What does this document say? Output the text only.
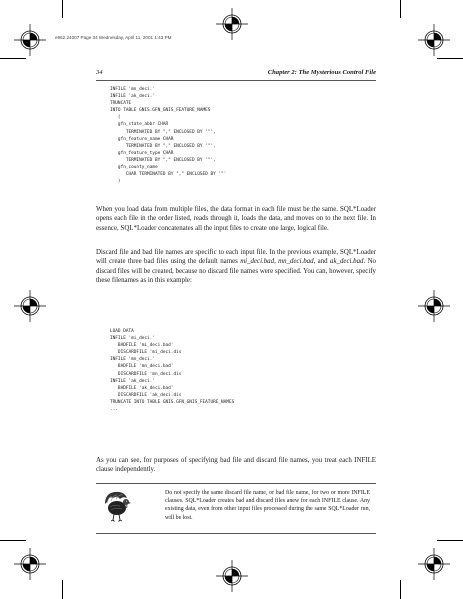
e962.24007 Page 34 Wednesday, April 11, 2001 1:43 PM
34	Chapter 2: The Mysterious Control File
INFILE 'mn_deci.'
INFILE 'ak_deci.'
TRUNCATE
INTO TABLE GNIS.GFN_GNIS_FEATURE_NAMES
(
gfn_state_abbr CHAR
TERMINATED BY "," ENCLOSED BY '"',
gfn_feature_name CHAR
TERMINATED BY "," ENCLOSED BY '"',
gfn_feature_type CHAR
TERMINATED BY "," ENCLOSED BY '"',
gfn_county_name
CHAR TERMINATED BY "," ENCLOSED BY '"'
)

When you load data from multiple files, the data format in each file must be the same. SQL*Loader opens each file in the order listed, reads through it, loads the data, and moves on to the next file. In essence, SQL*Loader concatenates all the input files to create one large, logical file.

Discard file and bad file names are specific to each input file. In the previous example, SQL*Loader will create three bad files using the default names mi_deci.bad, mn_deci.bad, and ak_deci.bad. No discard files will be created, because no discard file names were specified. You can, however, specify these filenames as in this example:

LOAD DATA
INFILE 'mi_deci.'
BADFILE 'mi_deci.bad'
DISCARDFILE 'mi_deci.dis
INFILE 'mn_deci.'
BADFILE 'mn_deci.bad'
DISCARDFILE 'mn_deci.dis
INFILE 'ak_deci.'
BADFILE 'ak_deci.bad'
DISCARDFILE 'ak_deci.dis
TRUNCATE INTO TABLE GNIS.GFN_GNIS_FEATURE_NAMES
...

As you can see, for purposes of specifying bad file and discard file names, you treat each INFILE clause independently.

Do not specify the same discard file name, or bad file name, for two or more INFILE clauses. SQL*Loader creates bad and discard files anew for each INFILE clause. Any existing data, even from other input files processed during the same SQL*Loader run, will be lost.
